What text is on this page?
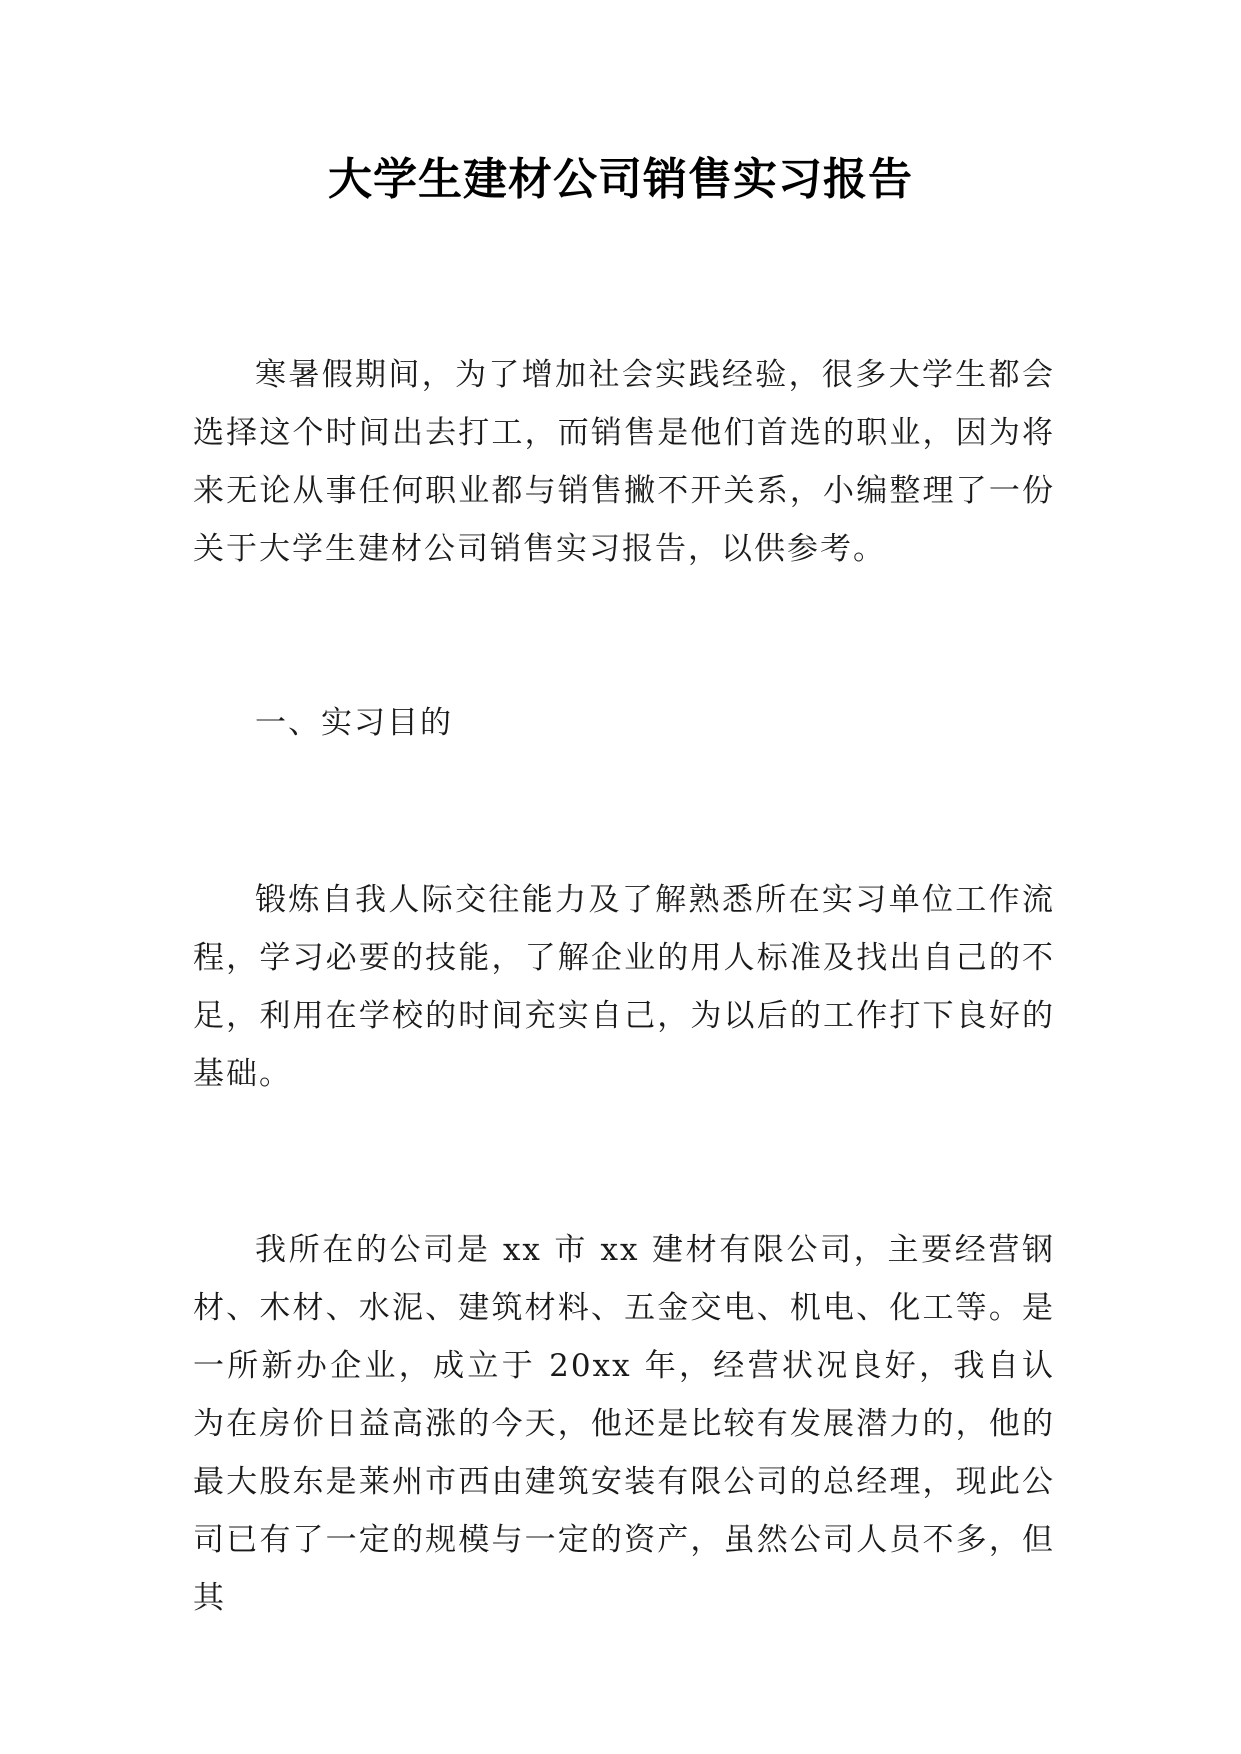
大学生建材公司销售实习报告

寒暑假期间，为了增加社会实践经验，很多大学生都会选择这个时间出去打工，而销售是他们首选的职业，因为将来无论从事任何职业都与销售撇不开关系，小编整理了一份关于大学生建材公司销售实习报告，以供参考。

一、实习目的

锻炼自我人际交往能力及了解熟悉所在实习单位工作流程，学习必要的技能，了解企业的用人标准及找出自己的不足，利用在学校的时间充实自己，为以后的工作打下良好的基础。

我所在的公司是 xx 市 xx 建材有限公司，主要经营钢材、木材、水泥、建筑材料、五金交电、机电、化工等。是一所新办企业，成立于 20xx 年，经营状况良好，我自认为在房价日益高涨的今天，他还是比较有发展潜力的，他的最大股东是莱州市西由建筑安装有限公司的总经理，现此公司已有了一定的规模与一定的资产，虽然公司人员不多，但其
